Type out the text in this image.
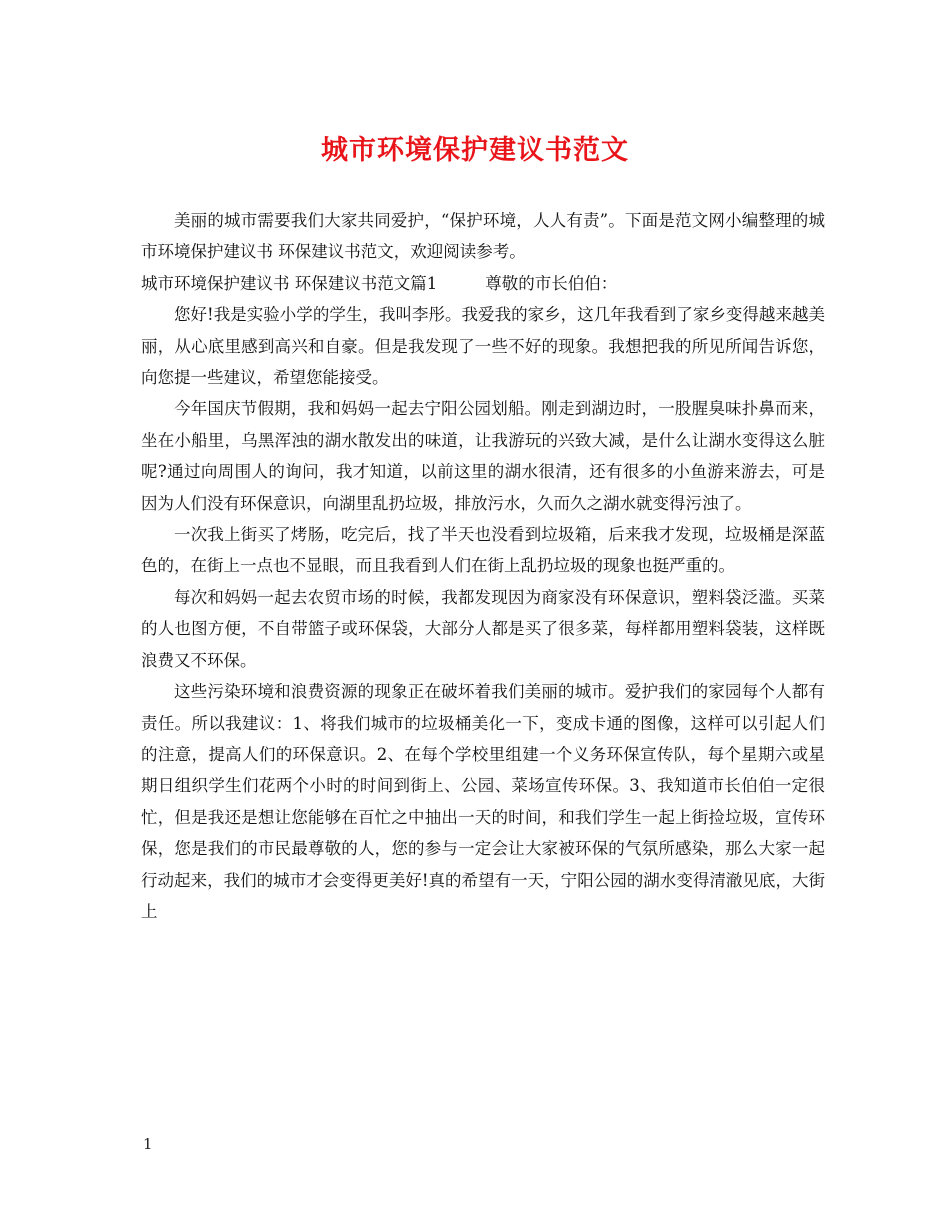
城市环境保护建议书范文

美丽的城市需要我们大家共同爱护，“保护环境，人人有责”。下面是范文网小编整理的城市环境保护建议书 环保建议书范文，欢迎阅读参考。

城市环境保护建议书 环保建议书范文篇1	尊敬的市长伯伯：

您好!我是实验小学的学生，我叫李彤。我爱我的家乡，这几年我看到了家乡变得越来越美丽，从心底里感到高兴和自豪。但是我发现了一些不好的现象。我想把我的所见所闻告诉您，向您提一些建议，希望您能接受。

今年国庆节假期，我和妈妈一起去宁阳公园划船。刚走到湖边时，一股腥臭味扑鼻而来，坐在小船里，乌黑浑浊的湖水散发出的味道，让我游玩的兴致大减，是什么让湖水变得这么脏呢?通过向周围人的询问，我才知道，以前这里的湖水很清，还有很多的小鱼游来游去，可是因为人们没有环保意识，向湖里乱扔垃圾，排放污水，久而久之湖水就变得污浊了。

一次我上街买了烤肠，吃完后，找了半天也没看到垃圾箱，后来我才发现，垃圾桶是深蓝色的，在街上一点也不显眼，而且我看到人们在街上乱扔垃圾的现象也挺严重的。

每次和妈妈一起去农贸市场的时候，我都发现因为商家没有环保意识，塑料袋泛滥。买菜的人也图方便，不自带篮子或环保袋，大部分人都是买了很多菜，每样都用塑料袋装，这样既浪费又不环保。

这些污染环境和浪费资源的现象正在破坏着我们美丽的城市。爱护我们的家园每个人都有责任。所以我建议：1、将我们城市的垃圾桶美化一下，变成卡通的图像，这样可以引起人们的注意，提高人们的环保意识。2、在每个学校里组建一个义务环保宣传队，每个星期六或星期日组织学生们花两个小时的时间到街上、公园、菜场宣传环保。3、我知道市长伯伯一定很忙，但是我还是想让您能够在百忙之中抽出一天的时间，和我们学生一起上街捡垃圾，宣传环保，您是我们的市民最尊敬的人，您的参与一定会让大家被环保的气氛所感染，那么大家一起行动起来，我们的城市才会变得更美好!真的希望有一天，宁阳公园的湖水变得清澈见底，大街上

1
